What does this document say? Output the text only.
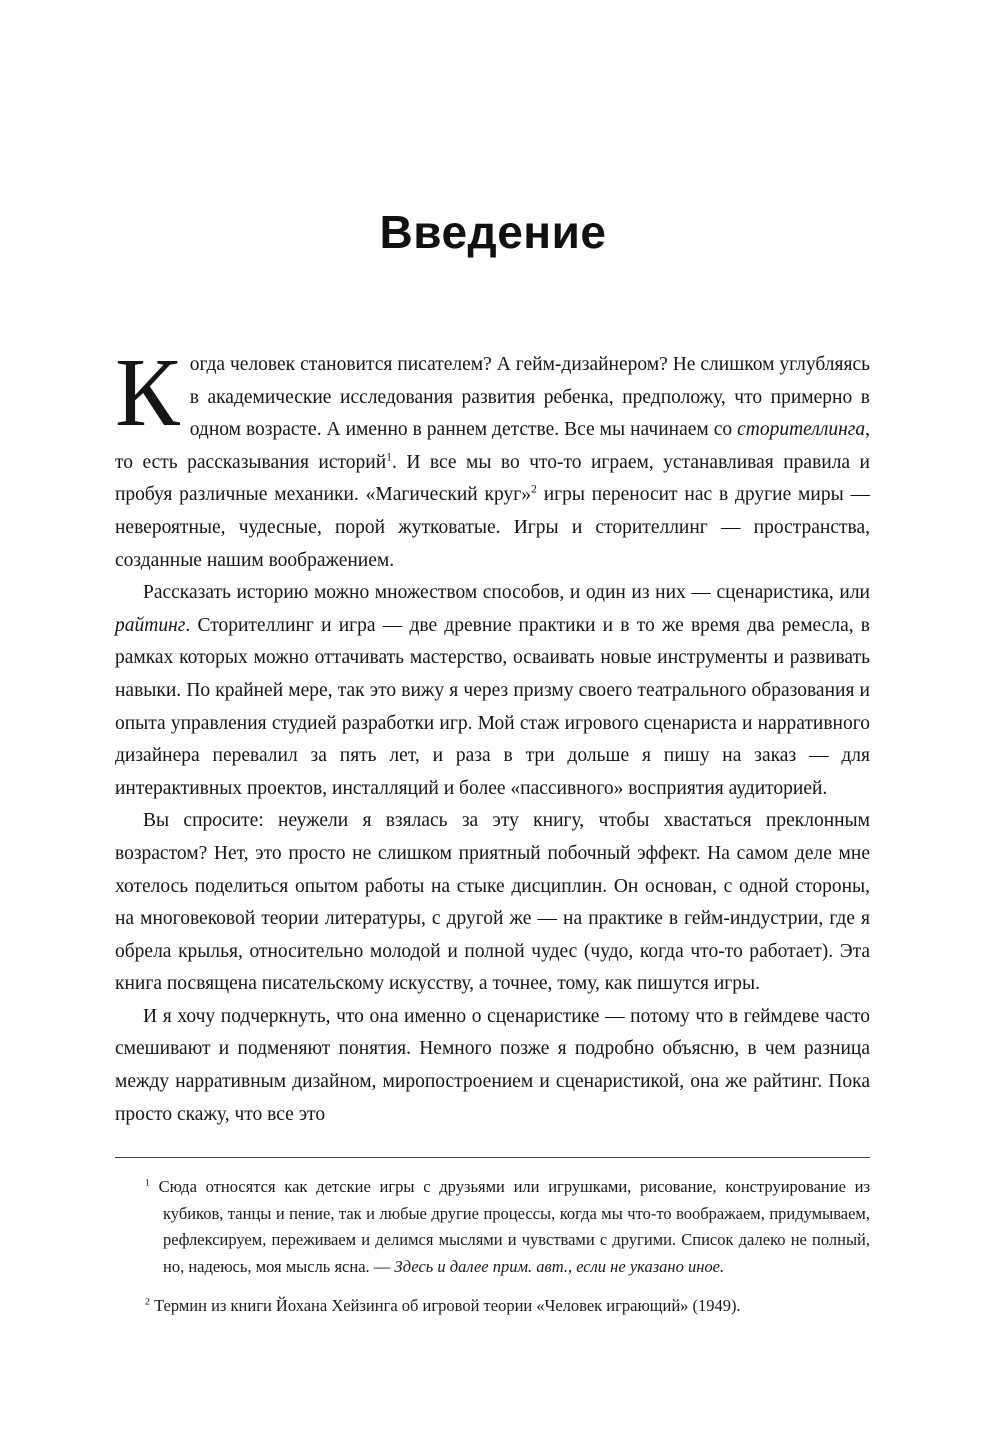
Введение

Когда человек становится писателем? А гейм-дизайнером? Не слишком углубляясь в академические исследования развития ребенка, предположу, что примерно в одном возрасте. А именно в раннем детстве. Все мы начинаем со сторителлинга, то есть рассказывания историй$^1$. И все мы во что-то играем, устанавливая правила и пробуя различные механики. «Магический круг»$^2$ игры переносит нас в другие миры — невероятные, чудесные, порой жутковатые. Игры и сторителлинг — пространства, созданные нашим воображением.

Рассказать историю можно множеством способов, и один из них — сценаристика, или райтинг. Сторителлинг и игра — две древние практики и в то же время два ремесла, в рамках которых можно оттачивать мастерство, осваивать новые инструменты и развивать навыки. По крайней мере, так это вижу я через призму своего театрального образования и опыта управления студией разработки игр. Мой стаж игрового сценариста и нарративного дизайнера перевалил за пять лет, и раза в три дольше я пишу на заказ — для интерактивных проектов, инсталляций и более «пассивного» восприятия аудиторией.

Вы спросите: неужели я взялась за эту книгу, чтобы хвастаться преклонным возрастом? Нет, это просто не слишком приятный побочный эффект. На самом деле мне хотелось поделиться опытом работы на стыке дисциплин. Он основан, с одной стороны, на многовековой теории литературы, с другой же — на практике в гейм-индустрии, где я обрела крылья, относительно молодой и полной чудес (чудо, когда что-то работает). Эта книга посвящена писательскому искусству, а точнее, тому, как пишутся игры.

И я хочу подчеркнуть, что она именно о сценаристике — потому что в геймдеве часто смешивают и подменяют понятия. Немного позже я подробно объясню, в чем разница между нарративным дизайном, миропостроением и сценаристикой, она же райтинг. Пока просто скажу, что все это

$^1$ Сюда относятся как детские игры с друзьями или игрушками, рисование, конструирование из кубиков, танцы и пение, так и любые другие процессы, когда мы что-то воображаем, придумываем, рефлексируем, переживаем и делимся мыслями и чувствами с другими. Список далеко не полный, но, надеюсь, моя мысль ясна. — Здесь и далее прим. авт., если не указано иное.
$^2$ Термин из книги Йохана Хейзинга об игровой теории «Человек играющий» (1949).
